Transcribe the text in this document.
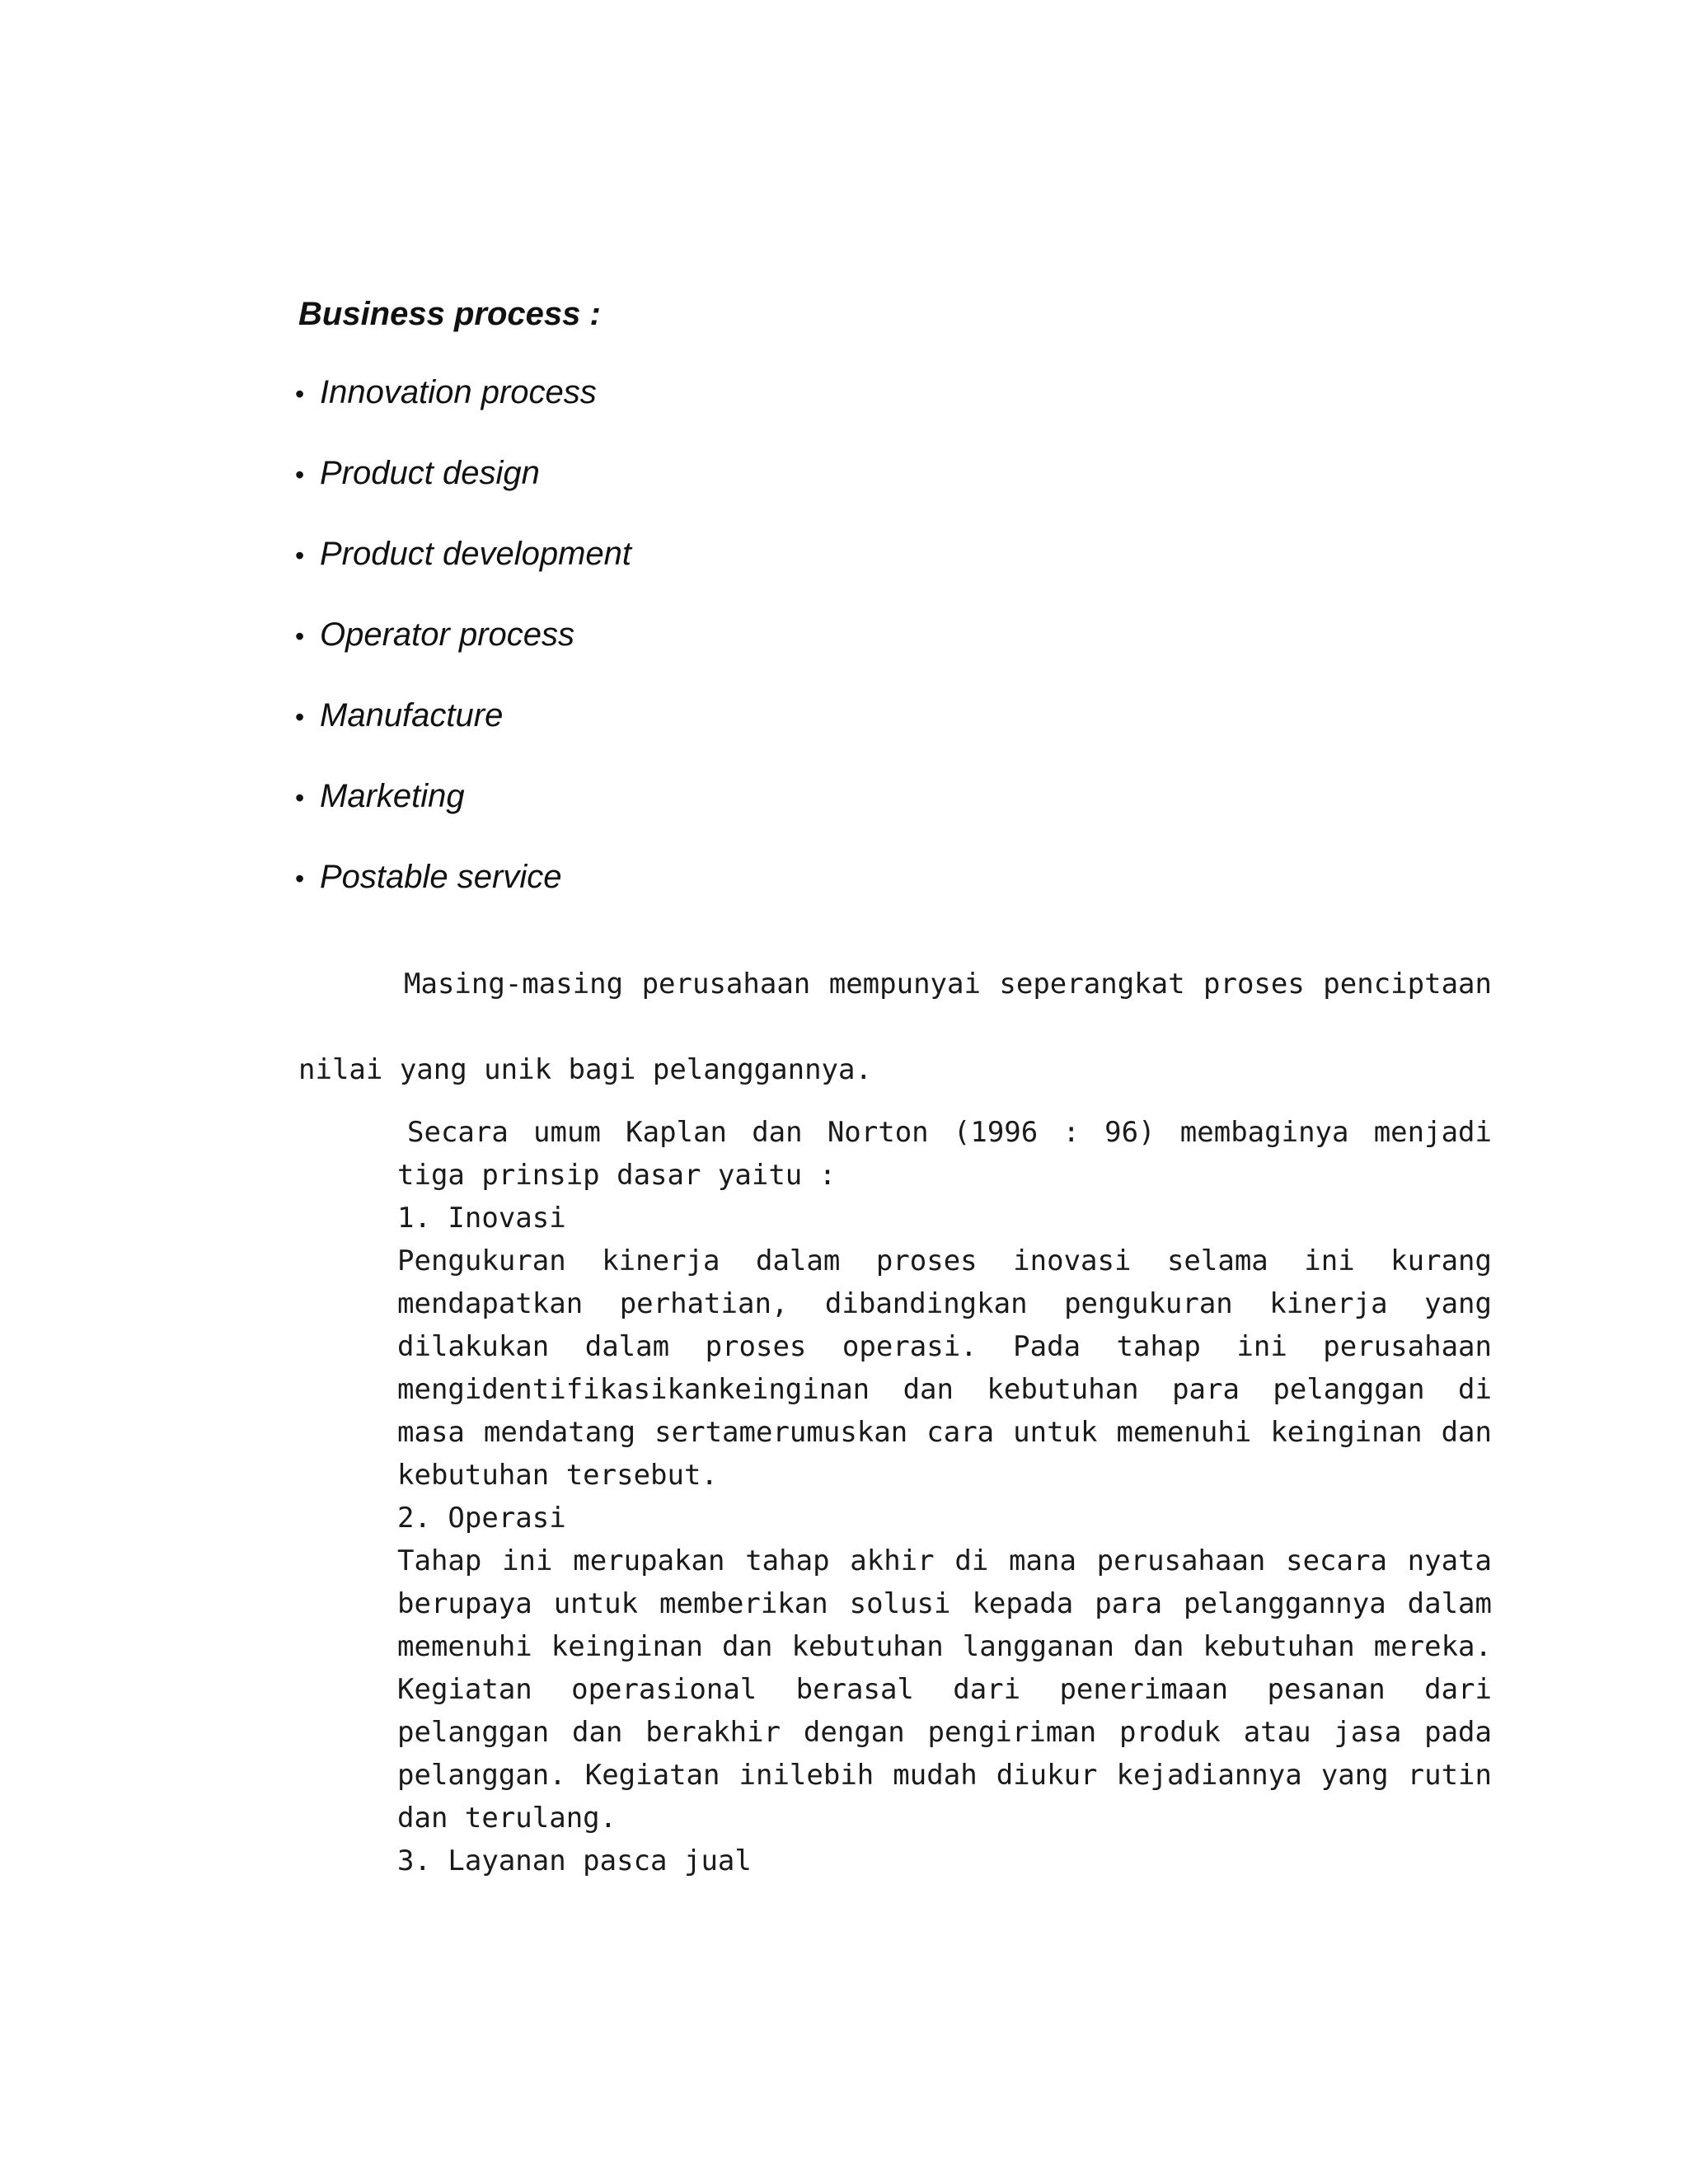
Business process :
• Innovation process
• Product design
• Product development
• Operator process
• Manufacture
• Marketing
• Postable service

Masing-masing perusahaan mempunyai seperangkat proses penciptaan nilai yang unik bagi pelanggannya.

Secara umum Kaplan dan Norton (1996 : 96) membaginya menjadi tiga prinsip dasar yaitu :

1. Inovasi

Pengukuran kinerja dalam proses inovasi selama ini kurang mendapatkan perhatian, dibandingkan pengukuran kinerja yang dilakukan dalam proses operasi. Pada tahap ini perusahaan mengidentifikasikankeinginan dan kebutuhan para pelanggan di masa mendatang sertamerumuskan cara untuk memenuhi keinginan dan kebutuhan tersebut.

2. Operasi

Tahap ini merupakan tahap akhir di mana perusahaan secara nyata berupaya untuk memberikan solusi kepada para pelanggannya dalam memenuhi keinginan dan kebutuhan langganan dan kebutuhan mereka. Kegiatan operasional berasal dari penerimaan pesanan dari pelanggan dan berakhir dengan pengiriman produk atau jasa pada pelanggan. Kegiatan inilebih mudah diukur kejadiannya yang rutin dan terulang.

3. Layanan pasca jual
